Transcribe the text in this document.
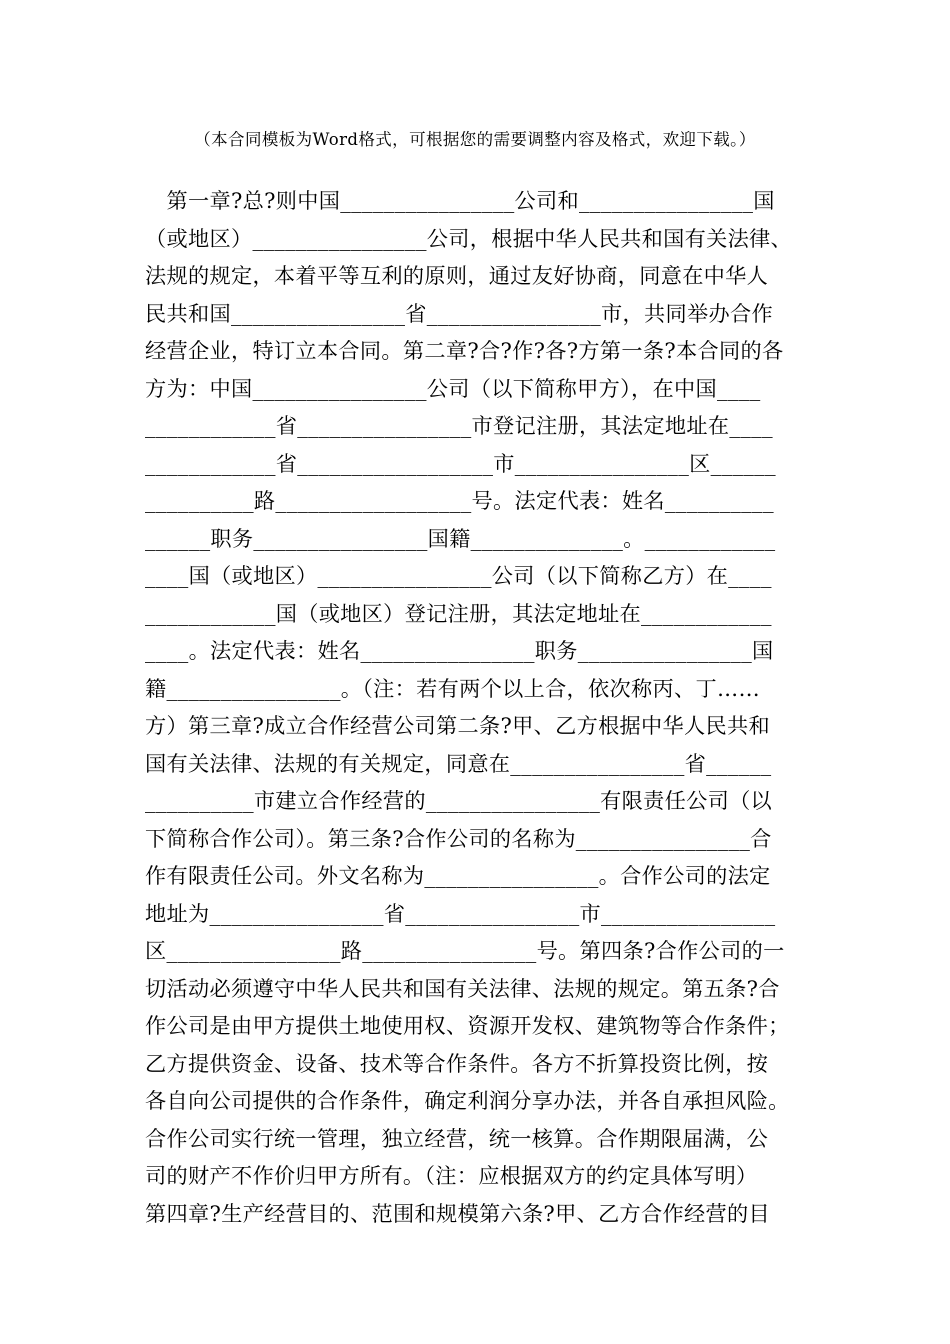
（本合同模板为Word格式，可根据您的需要调整内容及格式，欢迎下载。）
　第一章?总?则中国________________公司和________________国
（或地区）________________公司，根据中华人民共和国有关法律、
法规的规定，本着平等互利的原则，通过友好协商，同意在中华人
民共和国________________省________________市，共同举办合作
经营企业，特订立本合同。第二章?合?作?各?方第一条?本合同的各
方为：中国________________公司（以下简称甲方），在中国____
____________省________________市登记注册，其法定地址在____
____________省__________________市________________区______
__________路__________________号。法定代表：姓名__________
______职务________________国籍______________。____________
____国（或地区）________________公司（以下简称乙方）在____
____________国（或地区）登记注册，其法定地址在____________
____。法定代表：姓名________________职务________________国
籍________________。（注：若有两个以上合，依次称丙、丁……
方）第三章?成立合作经营公司第二条?甲、乙方根据中华人民共和
国有关法律、法规的有关规定，同意在________________省______
__________市建立合作经营的________________有限责任公司（以
下简称合作公司）。第三条?合作公司的名称为________________合
作有限责任公司。外文名称为________________。合作公司的法定
地址为________________省________________市________________
区________________路________________号。第四条?合作公司的一
切活动必须遵守中华人民共和国有关法律、法规的规定。第五条?合
作公司是由甲方提供土地使用权、资源开发权、建筑物等合作条件；
乙方提供资金、设备、技术等合作条件。各方不折算投资比例，按
各自向公司提供的合作条件，确定利润分享办法，并各自承担风险。
合作公司实行统一管理，独立经营，统一核算。合作期限届满，公
司的财产不作价归甲方所有。（注：应根据双方的约定具体写明）
第四章?生产经营目的、范围和规模第六条?甲、乙方合作经营的目
